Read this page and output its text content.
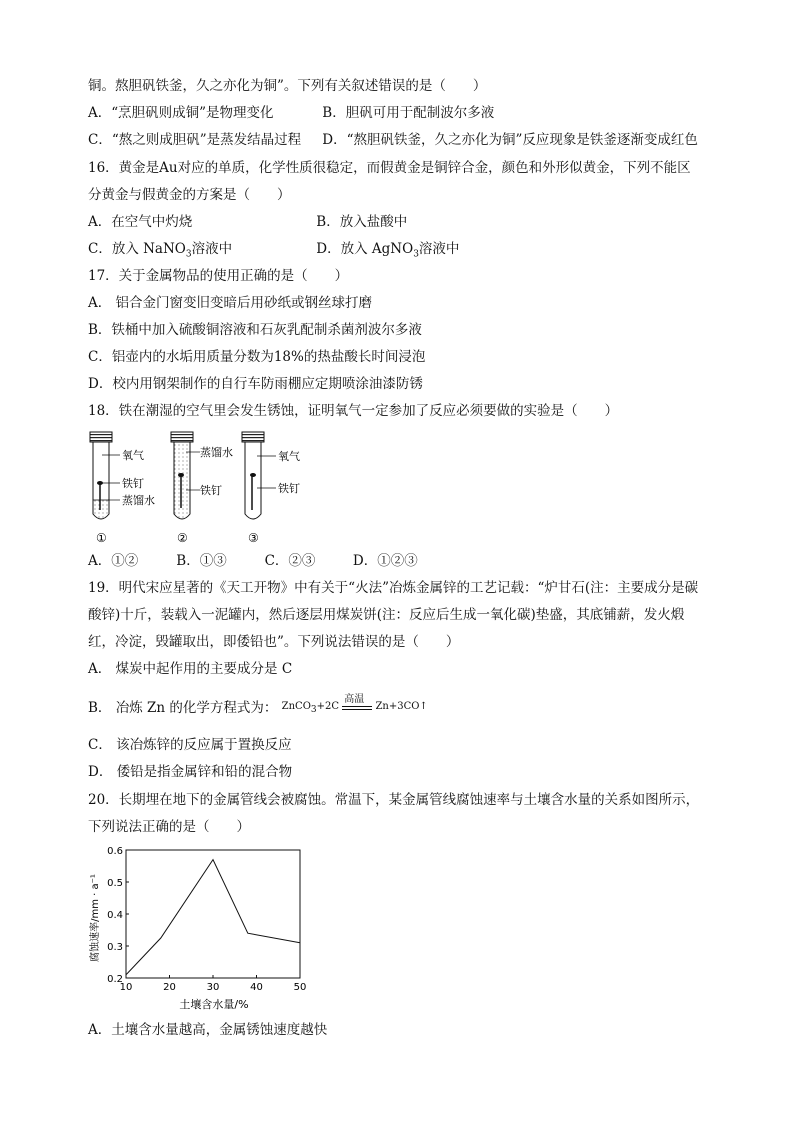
铜。熬胆矾铁釜，久之亦化为铜”。下列有关叙述错误的是（　　）
A．“烹胆矾则成铜”是物理变化	B．胆矾可用于配制波尔多液
C．“熬之则成胆矾”是蒸发结晶过程 D．“熬胆矾铁釜，久之亦化为铜”反应现象是铁釜逐渐变成红色
16．黄金是Au对应的单质，化学性质很稳定，而假黄金是铜锌合金，颜色和外形似黄金，下列不能区
分黄金与假黄金的方案是（　　）
A．在空气中灼烧	B．放入盐酸中
C．放入 NaNO$_3$溶液中	D．放入 AgNO$_3$溶液中
17．关于金属物品的使用正确的是（　　）
A． 铝合金门窗变旧变暗后用砂纸或钢丝球打磨
B．铁桶中加入硫酸铜溶液和石灰乳配制杀菌剂波尔多液
C．铝壶内的水垢用质量分数为18%的热盐酸长时间浸泡
D．校内用钢架制作的自行车防雨棚应定期喷涂油漆防锈
18．铁在潮湿的空气里会发生锈蚀，证明氧气一定参加了反应必须要做的实验是（　　）
氧气
铁钉
蒸馏水
①
蒸馏水
铁钉
②
氧气
铁钉
③
A．①②	B．①③	C．②③	D．①②③
19．明代宋应星著的《天工开物》中有关于“火法”冶炼金属锌的工艺记载：“炉甘石(注：主要成分是碳
酸锌)十斤，装载入一泥罐内，然后逐层用煤炭饼(注：反应后生成一氧化碳)垫盛，其底铺薪，发火煅
红，冷淀，毁罐取出，即倭铅也”。下列说法错误的是（　　）
A． 煤炭中起作用的主要成分是 C
B． 冶炼 Zn 的化学方程式为： ZnCO$_3$+2C
高温
Zn+3CO↑
C． 该冶炼锌的反应属于置换反应
D． 倭铅是指金属锌和铅的混合物
20．长期埋在地下的金属管线会被腐蚀。常温下，某金属管线腐蚀速率与土壤含水量的关系如图所示，
下列说法正确的是（　　）
10	20	30	40	50
0.2
0.3
0.4
0.5
0.6
土壤含水量/%
腐蚀速率/mm · a⁻¹
A．土壤含水量越高，金属锈蚀速度越快
